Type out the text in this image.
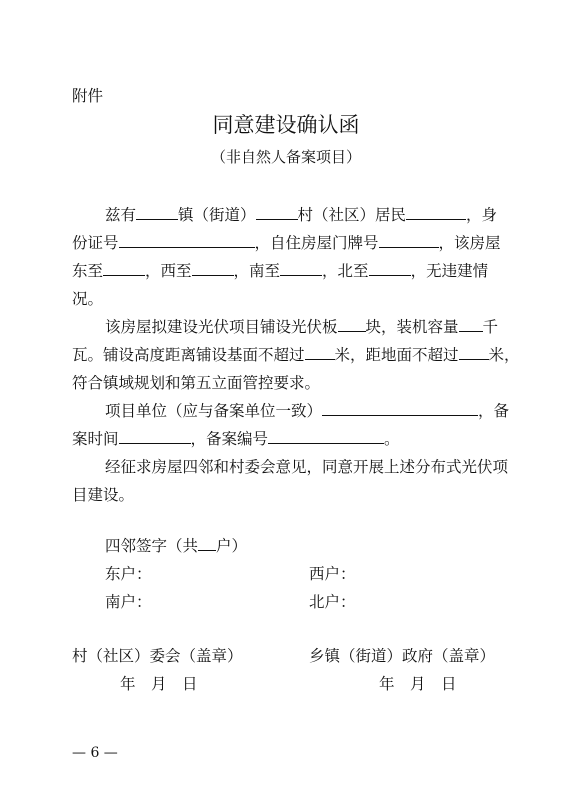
附件
同意建设确认函
（非自然人备案项目）
兹有	镇（街道）	村（社区）居民	，身
份证号	，自住房屋门牌号	，该房屋
东至	，西至	，南至	，北至	，无违建情
况。
该房屋拟建设光伏项目铺设光伏板 块，装机容量 千
瓦。铺设高度距离铺设基面不超过 米，距地面不超过 米，
符合镇域规划和第五立面管控要求。
项目单位（应与备案单位一致）	，备
案时间	，备案编号	。
经征求房屋四邻和村委会意见，同意开展上述分布式光伏项
目建设。
四邻签字（共 户）
东户：	西户：
南户：	北户：
村（社区）委会（盖章）	乡镇（街道）政府（盖章）
年　月　日	年　月　日
— 6 —
